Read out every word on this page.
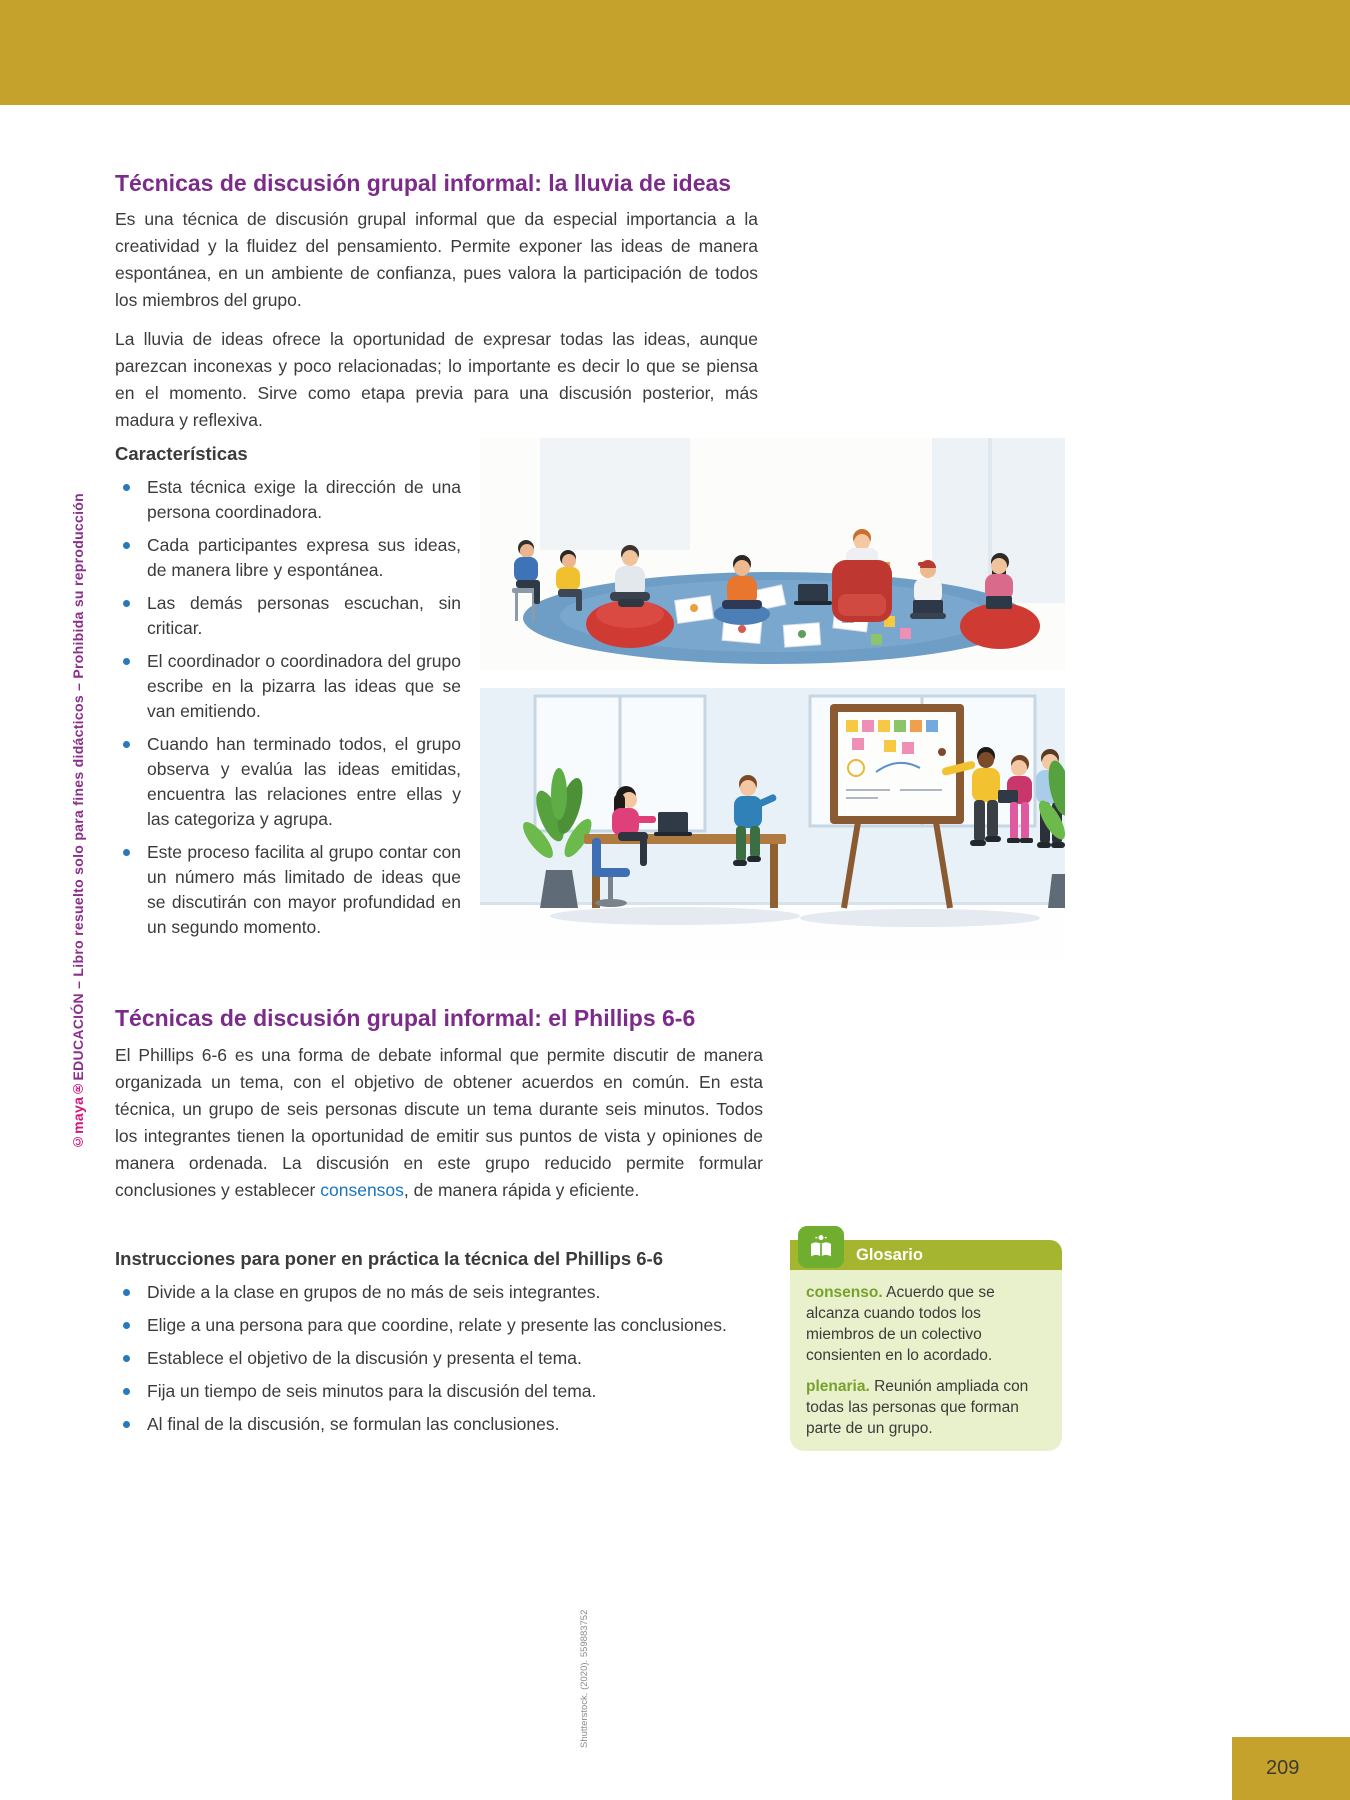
©maya®EDUCACIÓN – Libro resuelto solo para fines didácticos – Prohibida su reproducción
Técnicas de discusión grupal informal: la lluvia de ideas

Es una técnica de discusión grupal informal que da especial importancia a la creatividad y la fluidez del pensamiento. Permite exponer las ideas de manera espontánea, en un ambiente de confianza, pues valora la participación de todos los miembros del grupo.

La lluvia de ideas ofrece la oportunidad de expresar todas las ideas, aunque parezcan inconexas y poco relacionadas; lo importante es decir lo que se piensa en el momento. Sirve como etapa previa para una discusión posterior, más madura y reflexiva.

Características
Esta técnica exige la dirección de una persona coordinadora.
Cada participantes expresa sus ideas, de manera libre y espontánea.
Las demás personas escuchan, sin criticar.
El coordinador o coordinadora del grupo escribe en la pizarra las ideas que se van emitiendo.
Cuando han terminado todos, el grupo observa y evalúa las ideas emitidas, encuentra las relaciones entre ellas y las categoriza y agrupa.
Este proceso facilita al grupo contar con un número más limitado de ideas que se discutirán con mayor profundidad en un segundo momento.
Shutterstock. (2020). 559883752
Técnicas de discusión grupal informal: el Phillips 6-6

El Phillips 6-6 es una forma de debate informal que permite discutir de manera organizada un tema, con el objetivo de obtener acuerdos en común. En esta técnica, un grupo de seis personas discute un tema durante seis minutos. Todos los integrantes tienen la oportunidad de emitir sus puntos de vista y opiniones de manera ordenada. La discusión en este grupo reducido permite formular conclusiones y establecer consensos, de manera rápida y eficiente.

Instrucciones para poner en práctica la técnica del Phillips 6-6
Divide a la clase en grupos de no más de seis integrantes.
Elige a una persona para que coordine, relate y presente las conclusiones.
Establece el objetivo de la discusión y presenta el tema.
Fija un tiempo de seis minutos para la discusión del tema.
Al final de la discusión, se formulan las conclusiones.
Glosario

consenso. Acuerdo que se alcanza cuando todos los miembros de un colectivo consienten en lo acordado.

plenaria. Reunión ampliada con todas las personas que forman parte de un grupo.

209
